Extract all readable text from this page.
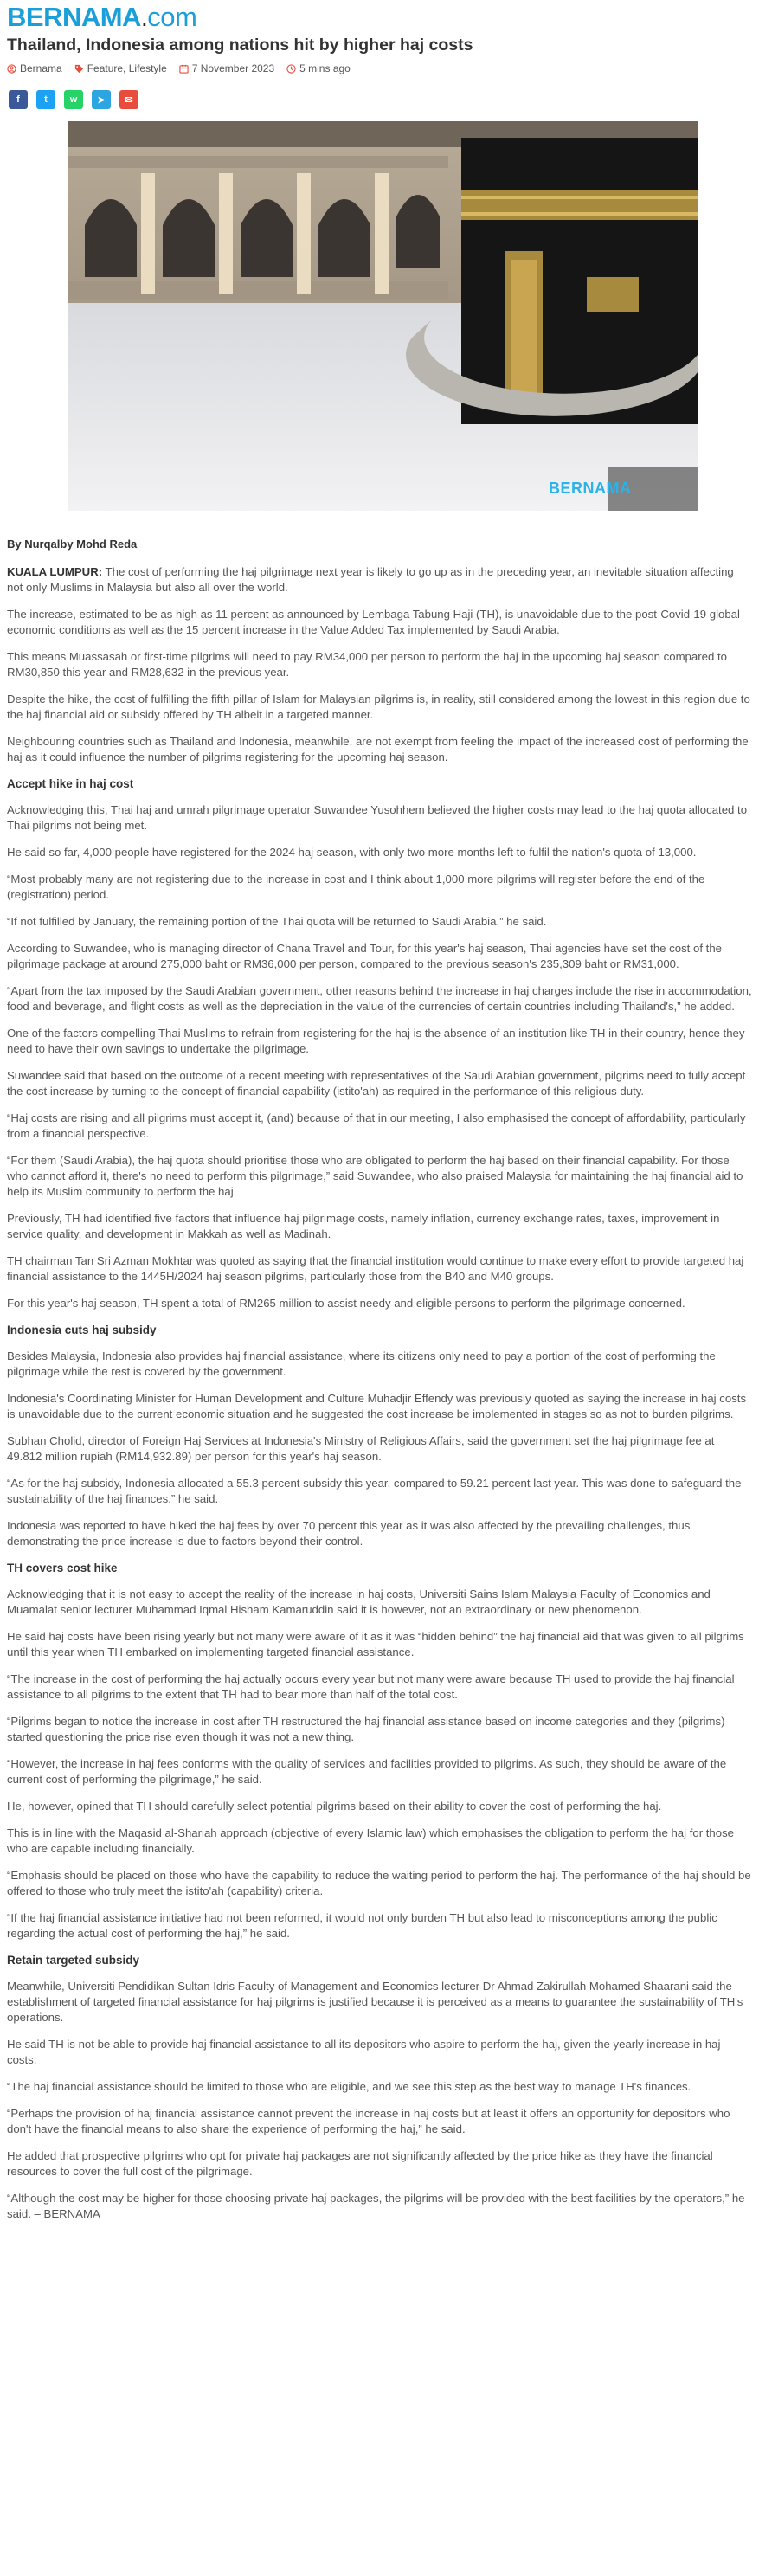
BERNAMA.com
Thailand, Indonesia among nations hit by higher haj costs
Bernama Feature, Lifestyle 7 November 2023 5 mins ago
f	t w ➤ ✉
BERNAMA
By Nurqalby Mohd Reda

KUALA LUMPUR: The cost of performing the haj pilgrimage next year is likely to go up as in the preceding year, an inevitable situation affecting not only Muslims in Malaysia but also all over the world.

The increase, estimated to be as high as 11 percent as announced by Lembaga Tabung Haji (TH), is unavoidable due to the post-Covid-19 global economic conditions as well as the 15 percent increase in the Value Added Tax implemented by Saudi Arabia.

This means Muassasah or first-time pilgrims will need to pay RM34,000 per person to perform the haj in the upcoming haj season compared to RM30,850 this year and RM28,632 in the previous year.

Despite the hike, the cost of fulfilling the fifth pillar of Islam for Malaysian pilgrims is, in reality, still considered among the lowest in this region due to the haj financial aid or subsidy offered by TH albeit in a targeted manner.

Neighbouring countries such as Thailand and Indonesia, meanwhile, are not exempt from feeling the impact of the increased cost of performing the haj as it could influence the number of pilgrims registering for the upcoming haj season.

Accept hike in haj cost

Acknowledging this, Thai haj and umrah pilgrimage operator Suwandee Yusohhem believed the higher costs may lead to the haj quota allocated to Thai pilgrims not being met.

He said so far, 4,000 people have registered for the 2024 haj season, with only two more months left to fulfil the nation's quota of 13,000.

“Most probably many are not registering due to the increase in cost and I think about 1,000 more pilgrims will register before the end of the (registration) period.

“If not fulfilled by January, the remaining portion of the Thai quota will be returned to Saudi Arabia,” he said.

According to Suwandee, who is managing director of Chana Travel and Tour, for this year's haj season, Thai agencies have set the cost of the pilgrimage package at around 275,000 baht or RM36,000 per person, compared to the previous season's 235,309 baht or RM31,000.

“Apart from the tax imposed by the Saudi Arabian government, other reasons behind the increase in haj charges include the rise in accommodation, food and beverage, and flight costs as well as the depreciation in the value of the currencies of certain countries including Thailand's,” he added.

One of the factors compelling Thai Muslims to refrain from registering for the haj is the absence of an institution like TH in their country, hence they need to have their own savings to undertake the pilgrimage.

Suwandee said that based on the outcome of a recent meeting with representatives of the Saudi Arabian government, pilgrims need to fully accept the cost increase by turning to the concept of financial capability (istito'ah) as required in the performance of this religious duty.

“Haj costs are rising and all pilgrims must accept it, (and) because of that in our meeting, I also emphasised the concept of affordability, particularly from a financial perspective.

“For them (Saudi Arabia), the haj quota should prioritise those who are obligated to perform the haj based on their financial capability. For those who cannot afford it, there's no need to perform this pilgrimage,” said Suwandee, who also praised Malaysia for maintaining the haj financial aid to help its Muslim community to perform the haj.

Previously, TH had identified five factors that influence haj pilgrimage costs, namely inflation, currency exchange rates, taxes, improvement in service quality, and development in Makkah as well as Madinah.

TH chairman Tan Sri Azman Mokhtar was quoted as saying that the financial institution would continue to make every effort to provide targeted haj financial assistance to the 1445H/2024 haj season pilgrims, particularly those from the B40 and M40 groups.

For this year's haj season, TH spent a total of RM265 million to assist needy and eligible persons to perform the pilgrimage concerned.

Indonesia cuts haj subsidy

Besides Malaysia, Indonesia also provides haj financial assistance, where its citizens only need to pay a portion of the cost of performing the pilgrimage while the rest is covered by the government.

Indonesia's Coordinating Minister for Human Development and Culture Muhadjir Effendy was previously quoted as saying the increase in haj costs is unavoidable due to the current economic situation and he suggested the cost increase be implemented in stages so as not to burden pilgrims.

Subhan Cholid, director of Foreign Haj Services at Indonesia's Ministry of Religious Affairs, said the government set the haj pilgrimage fee at 49.812 million rupiah (RM14,932.89) per person for this year's haj season.

“As for the haj subsidy, Indonesia allocated a 55.3 percent subsidy this year, compared to 59.21 percent last year. This was done to safeguard the sustainability of the haj finances,” he said.

Indonesia was reported to have hiked the haj fees by over 70 percent this year as it was also affected by the prevailing challenges, thus demonstrating the price increase is due to factors beyond their control.

TH covers cost hike

Acknowledging that it is not easy to accept the reality of the increase in haj costs, Universiti Sains Islam Malaysia Faculty of Economics and Muamalat senior lecturer Muhammad Iqmal Hisham Kamaruddin said it is however, not an extraordinary or new phenomenon.

He said haj costs have been rising yearly but not many were aware of it as it was “hidden behind” the haj financial aid that was given to all pilgrims until this year when TH embarked on implementing targeted financial assistance.

“The increase in the cost of performing the haj actually occurs every year but not many were aware because TH used to provide the haj financial assistance to all pilgrims to the extent that TH had to bear more than half of the total cost.

“Pilgrims began to notice the increase in cost after TH restructured the haj financial assistance based on income categories and they (pilgrims) started questioning the price rise even though it was not a new thing.

“However, the increase in haj fees conforms with the quality of services and facilities provided to pilgrims. As such, they should be aware of the current cost of performing the pilgrimage,” he said.

He, however, opined that TH should carefully select potential pilgrims based on their ability to cover the cost of performing the haj.

This is in line with the Maqasid al-Shariah approach (objective of every Islamic law) which emphasises the obligation to perform the haj for those who are capable including financially.

“Emphasis should be placed on those who have the capability to reduce the waiting period to perform the haj. The performance of the haj should be offered to those who truly meet the istito'ah (capability) criteria.

“If the haj financial assistance initiative had not been reformed, it would not only burden TH but also lead to misconceptions among the public regarding the actual cost of performing the haj,” he said.

Retain targeted subsidy

Meanwhile, Universiti Pendidikan Sultan Idris Faculty of Management and Economics lecturer Dr Ahmad Zakirullah Mohamed Shaarani said the establishment of targeted financial assistance for haj pilgrims is justified because it is perceived as a means to guarantee the sustainability of TH's operations.

He said TH is not be able to provide haj financial assistance to all its depositors who aspire to perform the haj, given the yearly increase in haj costs.

“The haj financial assistance should be limited to those who are eligible, and we see this step as the best way to manage TH's finances.

“Perhaps the provision of haj financial assistance cannot prevent the increase in haj costs but at least it offers an opportunity for depositors who don't have the financial means to also share the experience of performing the haj,” he said.

He added that prospective pilgrims who opt for private haj packages are not significantly affected by the price hike as they have the financial resources to cover the full cost of the pilgrimage.

“Although the cost may be higher for those choosing private haj packages, the pilgrims will be provided with the best facilities by the operators,” he said. – BERNAMA
